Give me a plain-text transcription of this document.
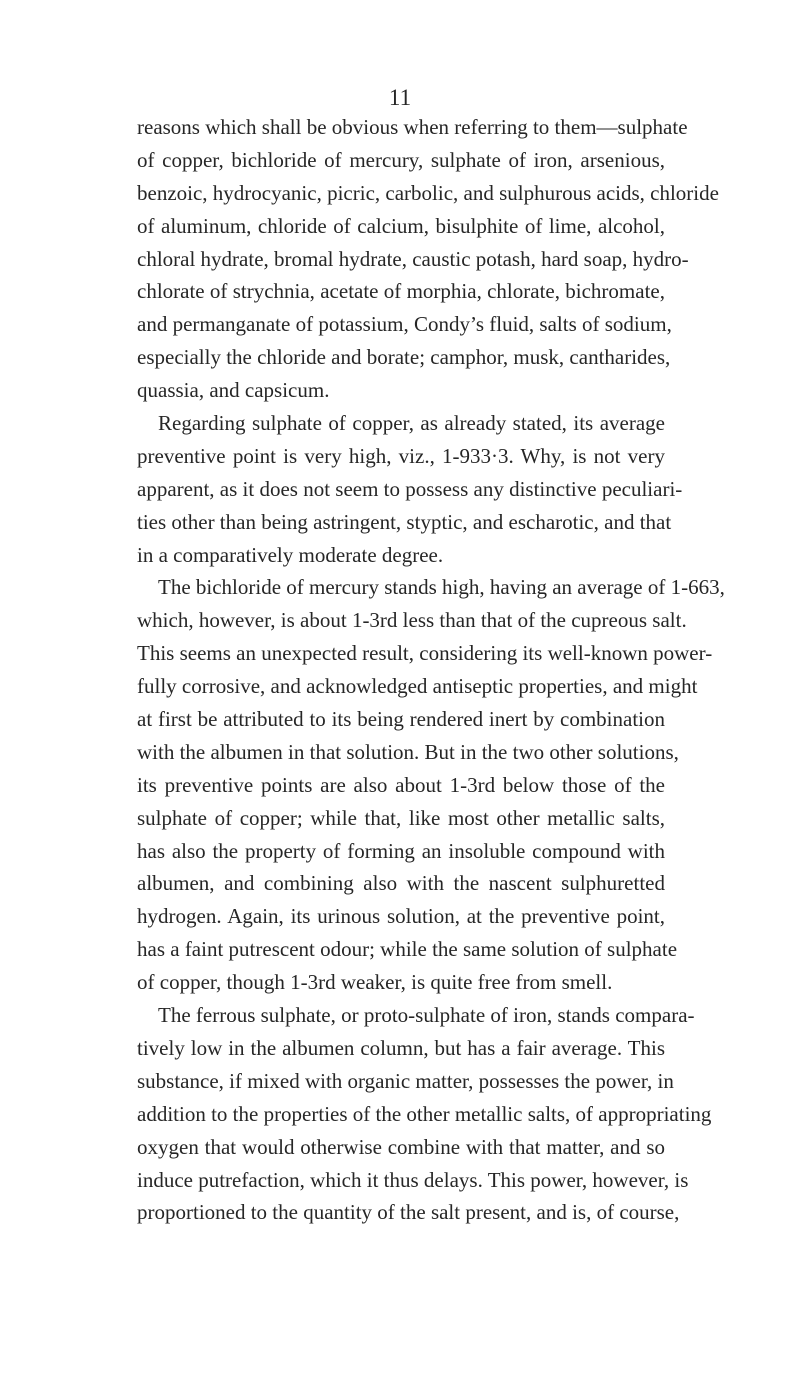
11
reasons which shall be obvious when referring to them—sulphate
of copper, bichloride of mercury, sulphate of iron, arsenious,
benzoic, hydrocyanic, picric, carbolic, and sulphurous acids, chloride
of aluminum, chloride of calcium, bisulphite of lime, alcohol,
chloral hydrate, bromal hydrate, caustic potash, hard soap, hydro-
chlorate of strychnia, acetate of morphia, chlorate, bichromate,
and permanganate of potassium, Condy’s fluid, salts of sodium,
especially the chloride and borate; camphor, musk, cantharides,
quassia, and capsicum.
Regarding sulphate of copper, as already stated, its average
preventive point is very high, viz., 1-933·3. Why, is not very
apparent, as it does not seem to possess any distinctive peculiari-
ties other than being astringent, styptic, and escharotic, and that
in a comparatively moderate degree.
The bichloride of mercury stands high, having an average of 1-663,
which, however, is about 1-3rd less than that of the cupreous salt.
This seems an unexpected result, considering its well-known power-
fully corrosive, and acknowledged antiseptic properties, and might
at first be attributed to its being rendered inert by combination
with the albumen in that solution. But in the two other solutions,
its preventive points are also about 1-3rd below those of the
sulphate of copper; while that, like most other metallic salts,
has also the property of forming an insoluble compound with
albumen, and combining also with the nascent sulphuretted
hydrogen. Again, its urinous solution, at the preventive point,
has a faint putrescent odour; while the same solution of sulphate
of copper, though 1-3rd weaker, is quite free from smell.
The ferrous sulphate, or proto-sulphate of iron, stands compara-
tively low in the albumen column, but has a fair average. This
substance, if mixed with organic matter, possesses the power, in
addition to the properties of the other metallic salts, of appropriating
oxygen that would otherwise combine with that matter, and so
induce putrefaction, which it thus delays. This power, however, is
proportioned to the quantity of the salt present, and is, of course,
